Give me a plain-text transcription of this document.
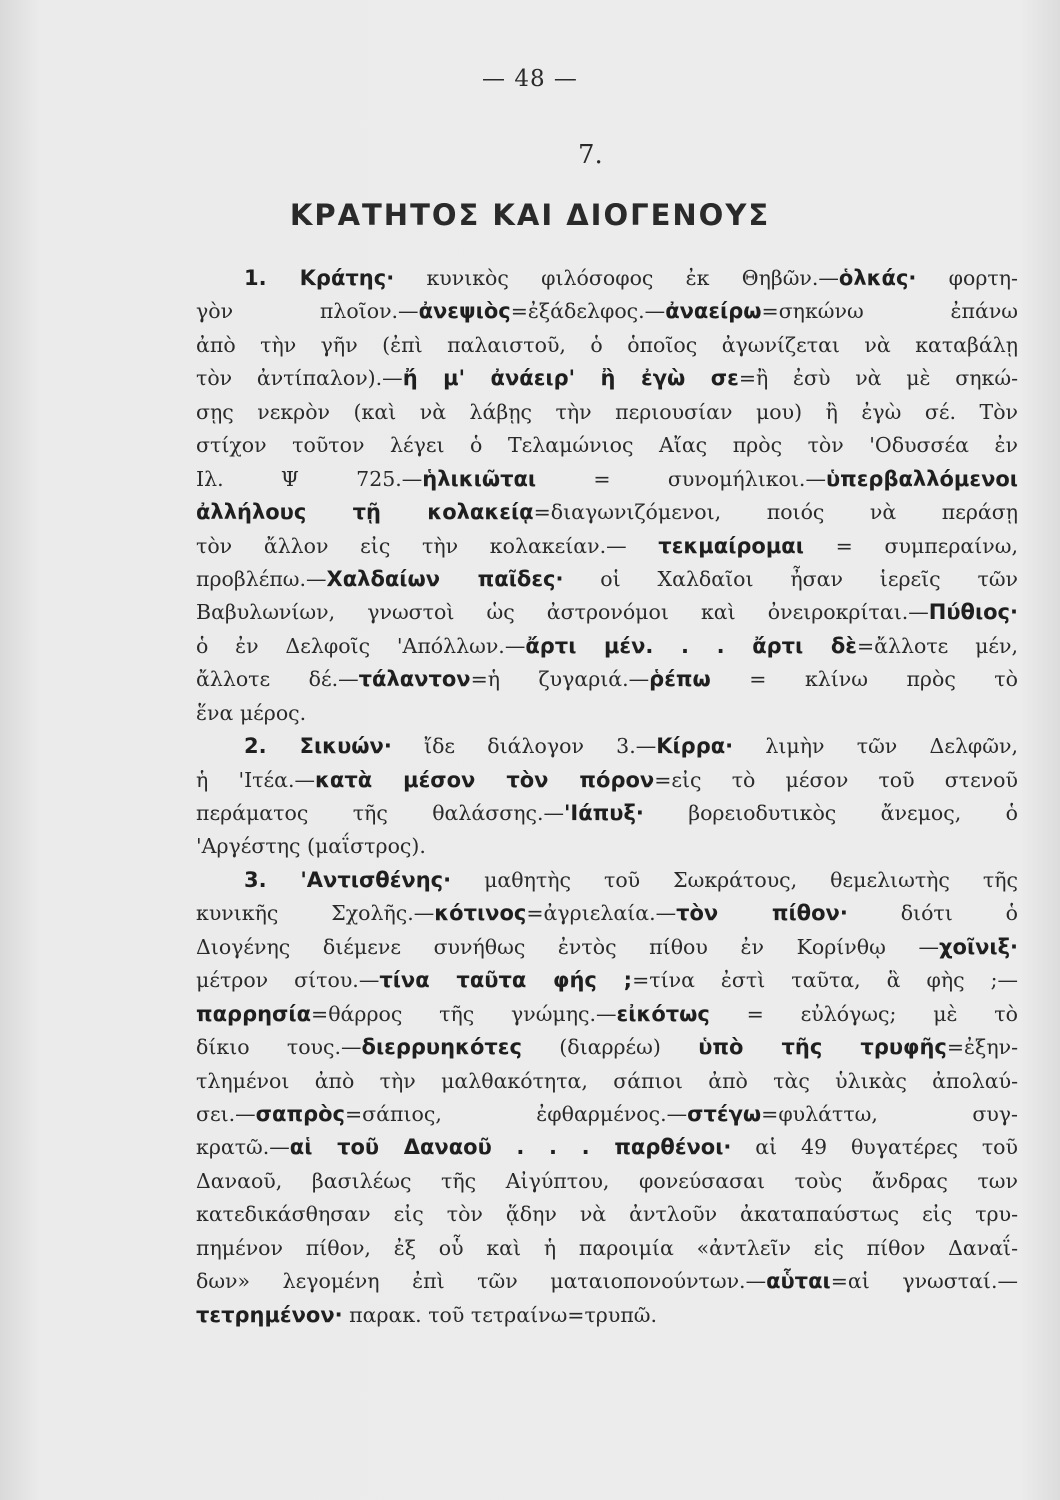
— 48 —
7.
ΚΡΑΤΗΤΟΣ ΚΑΙ ΔΙΟΓΕΝΟΥΣ
1. Κράτης· κυνικὸς φιλόσοφος ἐκ Θηβῶν.—ὁλκάς· φορτη-
γὸν πλοῖον.—ἀνεψιὸς=ἐξάδελφος.—ἀναείρω=σηκώνω ἐπάνω
ἀπὸ τὴν γῆν (ἐπὶ παλαιστοῦ, ὁ ὁποῖος ἀγωνίζεται νὰ καταβάλῃ
τὸν ἀντίπαλον).—ἤ μ' ἀνάειρ' ἢ ἐγὼ σε=ἢ ἐσὺ νὰ μὲ σηκώ-
σῃς νεκρὸν (καὶ νὰ λάβῃς τὴν περιουσίαν μου) ἢ ἐγὼ σέ. Τὸν
στίχον τοῦτον λέγει ὁ Τελαμώνιος Αἴας πρὸς τὸν 'Οδυσσέα ἐν
Ιλ. Ψ 725.—ἡλικιῶται = συνομήλικοι.—ὑπερβαλλόμενοι
ἀλλήλους τῇ κολακείᾳ=διαγωνιζόμενοι, ποιός νὰ περάσῃ
τὸν ἄλλον εἰς τὴν κολακείαν.— τεκμαίρομαι = συμπεραίνω,
προβλέπω.—Χαλδαίων παῖδες· οἱ Χαλδαῖοι ἦσαν ἱερεῖς τῶν
Βαβυλωνίων, γνωστοὶ ὡς ἀστρονόμοι καὶ ὀνειροκρίται.—Πύθιος·
ὁ ἐν Δελφοῖς 'Απόλλων.—ἄρτι μέν. . . ἄρτι δὲ=ἄλλοτε μέν,
ἄλλοτε δέ.—τάλαντον=ἡ ζυγαριά.—ῥέπω = κλίνω πρὸς τὸ
ἕνα μέρος.
2. Σικυών· ἴδε διάλογον 3.—Κίρρα· λιμὴν τῶν Δελφῶν,
ἡ 'Ιτέα.—κατὰ μέσον τὸν πόρον=εἰς τὸ μέσον τοῦ στενοῦ
περάματος τῆς θαλάσσης.—'Ιάπυξ· βορειοδυτικὸς ἄνεμος, ὁ
'Αργέστης (μαΐστρος).
3. 'Αντισθένης· μαθητὴς τοῦ Σωκράτους, θεμελιωτὴς τῆς
κυνικῆς Σχολῆς.—κότινος=ἀγριελαία.—τὸν πίθον· διότι ὁ
Διογένης διέμενε συνήθως ἐντὸς πίθου ἐν Κορίνθῳ —χοῖνιξ·
μέτρον σίτου.—τίνα ταῦτα φής ;=τίνα ἐστὶ ταῦτα, ἃ φὴς ;—
παρρησία=θάρρος τῆς γνώμης.—εἰκότως = εὐλόγως; μὲ τὸ
δίκιο τους.—διερρυηκότες (διαρρέω) ὑπὸ τῆς τρυφῆς=ἐξην-
τλημένοι ἀπὸ τὴν μαλθακότητα, σάπιοι ἀπὸ τὰς ὑλικὰς ἀπολαύ-
σει.—σαπρὸς=σάπιος, ἐφθαρμένος.—στέγω=φυλάττω, συγ-
κρατῶ.—αἱ τοῦ Δαναοῦ . . . παρθένοι· αἱ 49 θυγατέρες τοῦ
Δαναοῦ, βασιλέως τῆς Αἰγύπτου, φονεύσασαι τοὺς ἄνδρας των
κατεδικάσθησαν εἰς τὸν ᾅδην νὰ ἀντλοῦν ἀκαταπαύστως εἰς τρυ-
πημένον πίθον, ἐξ οὗ καὶ ἡ παροιμία «ἀντλεῖν εἰς πίθον Δαναΐ-
δων» λεγομένη ἐπὶ τῶν ματαιοπονούντων.—αὗται=αἱ γνωσταί.—
τετρημένον· παρακ. τοῦ τετραίνω=τρυπῶ.
